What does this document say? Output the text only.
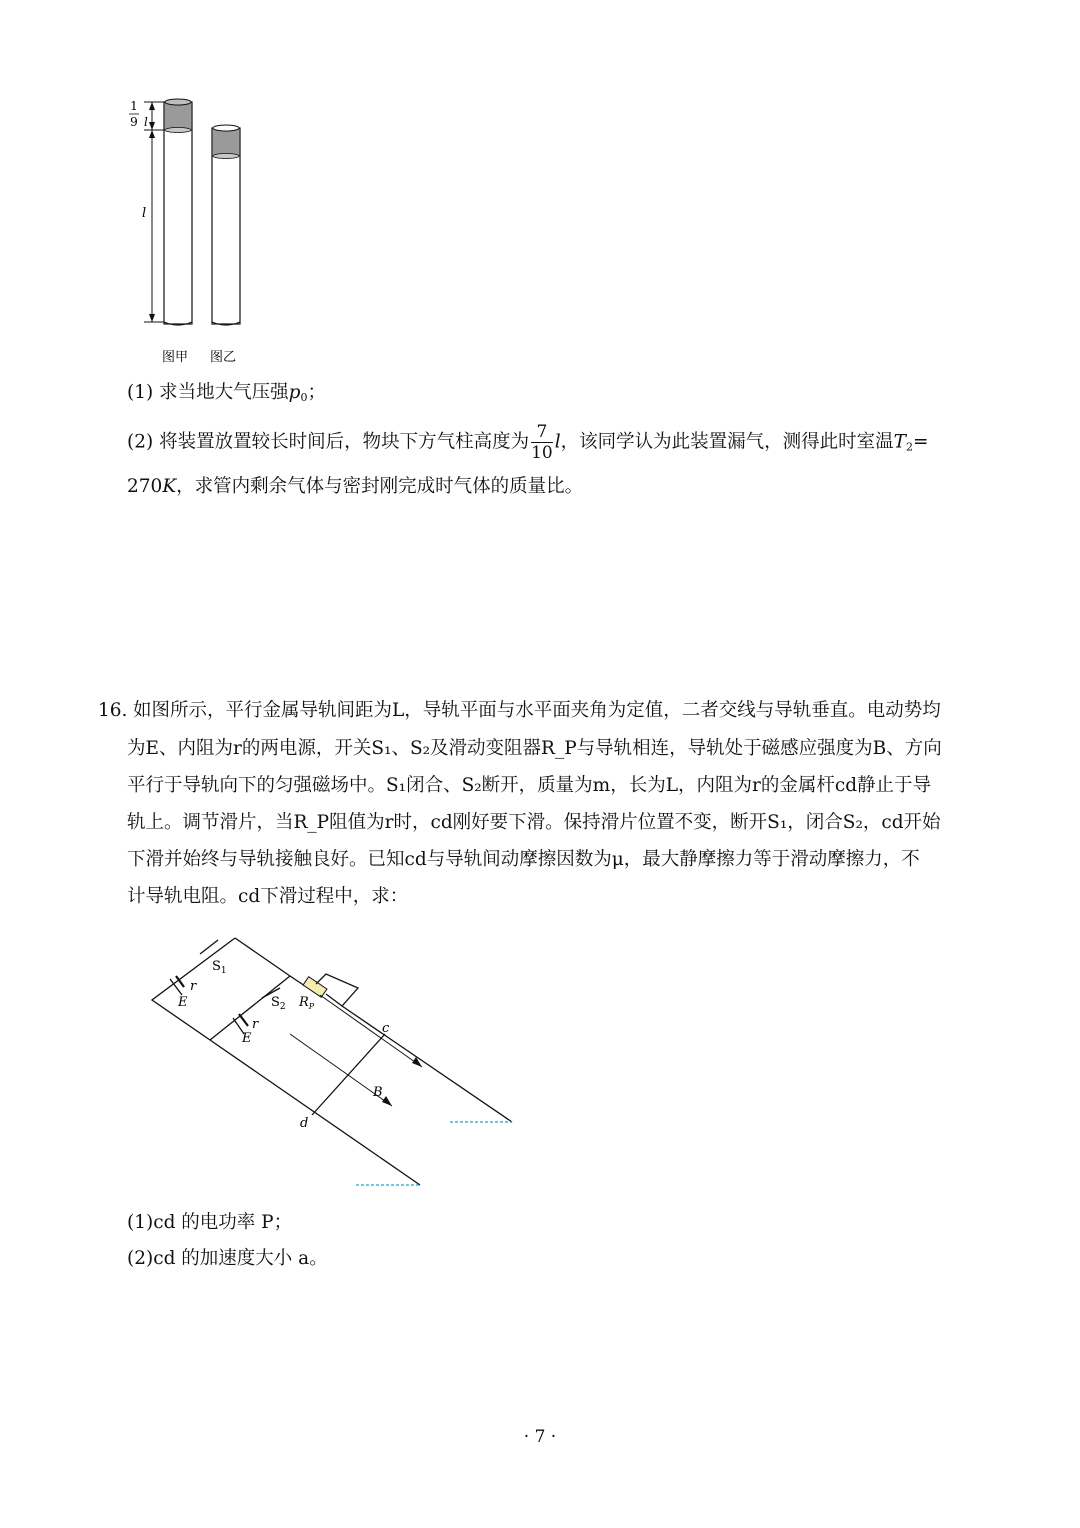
1
9 l
l
图甲 图乙
(1) 求当地大气压强$p_0$；
(2) 将装置放置较长时间后，物块下方气柱高度为 $\frac{7}{10}$ l，该同学认为此装置漏气，测得此时室温$T_2=$
270K，求管内剩余气体与密封刚完成时气体的质量比。
16. 如图所示，平行金属导轨间距为L，导轨平面与水平面夹角为定值，二者交线与导轨垂直。电动势均
为E、内阻为r的两电源，开关S₁、S₂及滑动变阻器R_P与导轨相连，导轨处于磁感应强度为B、方向
平行于导轨向下的匀强磁场中。S₁闭合、S₂断开，质量为m，长为L，内阻为r的金属杆cd静止于导
轨上。调节滑片，当R_P阻值为r时，cd刚好要下滑。保持滑片位置不变，断开S₁，闭合S₂，cd开始
下滑并始终与导轨接触良好。已知cd与导轨间动摩擦因数为μ，最大静摩擦力等于滑动摩擦力，不
计导轨电阻。cd下滑过程中，求：
$S_1$
r
E	$S_2$ $R_P$
r
E
c
B
d
(1)cd 的电功率 P；
(2)cd 的加速度大小 a。
· 7 ·
